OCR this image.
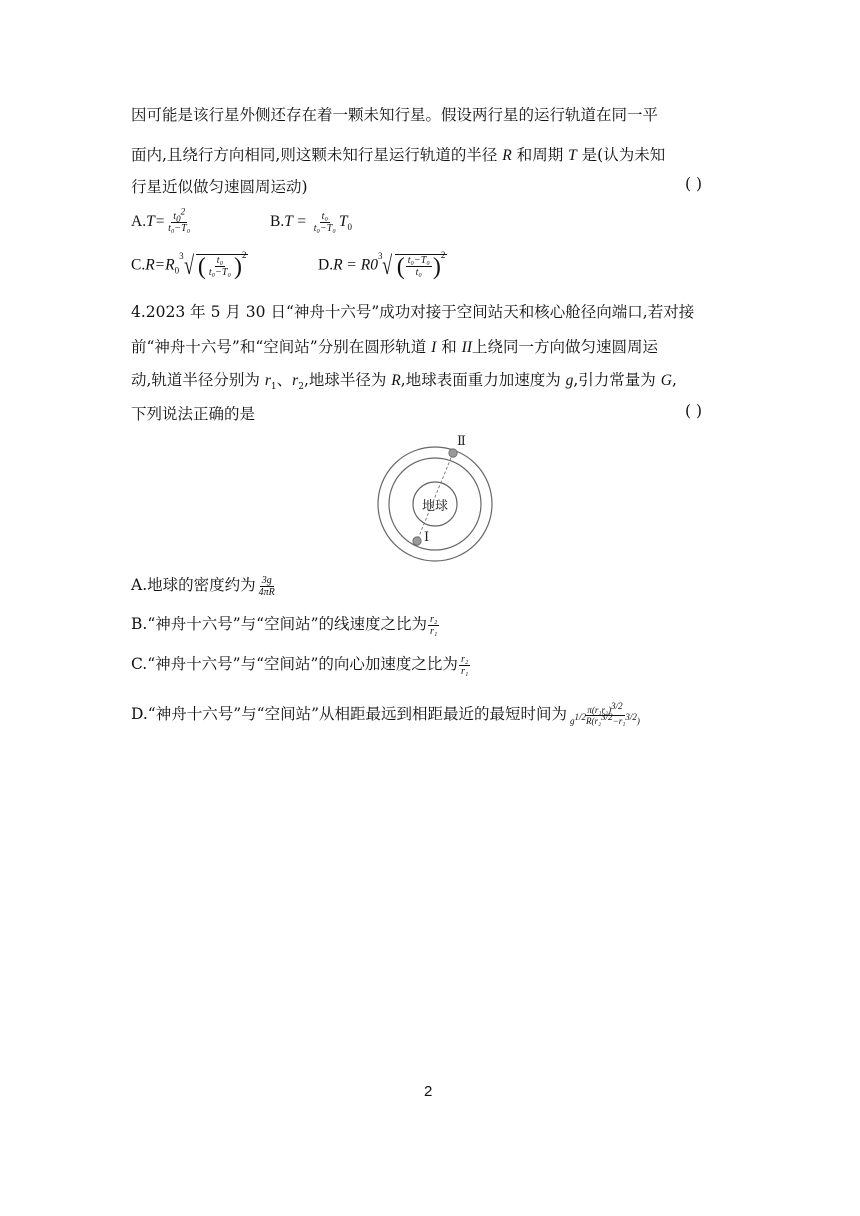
因可能是该行星外侧还存在着一颗未知行星。假设两行星的运行轨道在同一平
面内,且绕行方向相同,则这颗未知行星运行轨道的半径 R 和周期 T 是(认为未知
行星近似做匀速圆周运动)	( )
$A.T= \frac{t_0^2}{\text{t₀−T₀}}$	$B.T = \frac{\text{t₀}}{\text{t₀−T₀}} T_0$
$C.R=R_0$
3 √ ( $\frac{\text{t₀}}{\text{t₀−T₀}}$ ) 2
D.R = R0
3 √ ( $\frac{\text{t₀−T₀}}{\text{t₀}}$ ) 2
4.2023 年 5 月 30 日“神舟十六号”成功对接于空间站天和核心舱径向端口,若对接
前“神舟十六号”和“空间站”分别在圆形轨道 I 和 II上绕同一方向做匀速圆周运
动,轨道半径分别为 $r_1$、$r_2$,地球半径为 R,地球表面重力加速度为 g,引力常量为 G,
下列说法正确的是	( )
地球
Ⅱ
Ⅰ
A.地球的密度约为 $\frac{3g}{4\pi R}$
B.“神舟十六号”与“空间站”的线速度之比为 $\frac{\text{r₂}}{\text{r₁}}$
C.“神舟十六号”与“空间站”的向心加速度之比为 $\frac{\text{r₂}}{\text{r₁}}$
D.“神舟十六号”与“空间站”从相距最远到相距最近的最短时间为 $\frac{\pi(r_1r_2)^{3/2}}{g^{1/2}R(r_2^{3/2}-r_1^{3/2})}$
2
